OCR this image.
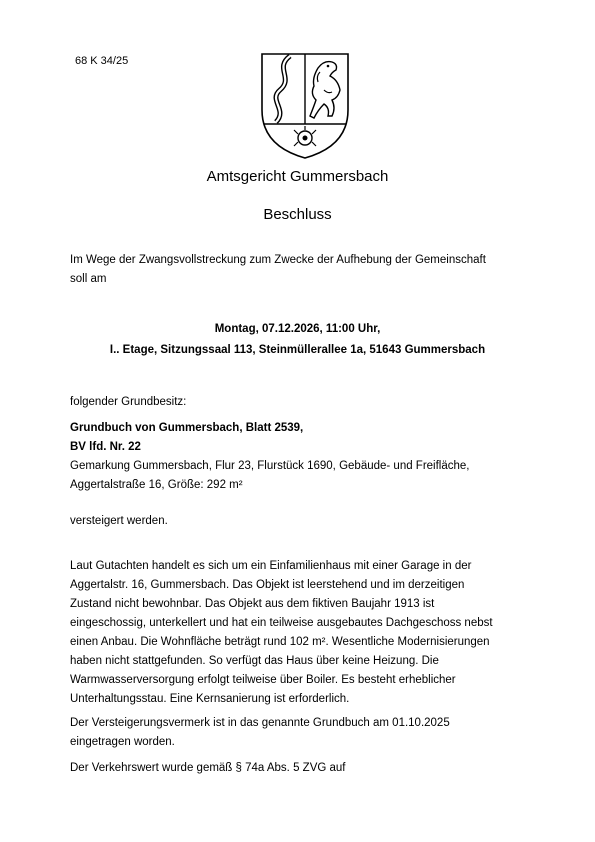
68 K 34/25
Amtsgericht Gummersbach
Beschluss
Im Wege der Zwangsvollstreckung zum Zwecke der Aufhebung der Gemeinschaft
soll am
Montag, 07.12.2026, 11:00 Uhr,
I.. Etage, Sitzungssaal 113, Steinmüllerallee 1a, 51643 Gummersbach
folgender Grundbesitz:
Grundbuch von Gummersbach, Blatt 2539,
BV lfd. Nr. 22
Gemarkung Gummersbach, Flur 23, Flurstück 1690, Gebäude- und Freifläche,
Aggertalstraße 16, Größe: 292 m²
versteigert werden.
Laut Gutachten handelt es sich um ein Einfamilienhaus mit einer Garage in der
Aggertalstr. 16, Gummersbach. Das Objekt ist leerstehend und im derzeitigen
Zustand nicht bewohnbar. Das Objekt aus dem fiktiven Baujahr 1913 ist
eingeschossig, unterkellert und hat ein teilweise ausgebautes Dachgeschoss nebst
einen Anbau. Die Wohnfläche beträgt rund 102 m². Wesentliche Modernisierungen
haben nicht stattgefunden. So verfügt das Haus über keine Heizung. Die
Warmwasserversorgung erfolgt teilweise über Boiler. Es besteht erheblicher
Unterhaltungsstau. Eine Kernsanierung ist erforderlich.
Der Versteigerungsvermerk ist in das genannte Grundbuch am 01.10.2025
eingetragen worden.
Der Verkehrswert wurde gemäß § 74a Abs. 5 ZVG auf
